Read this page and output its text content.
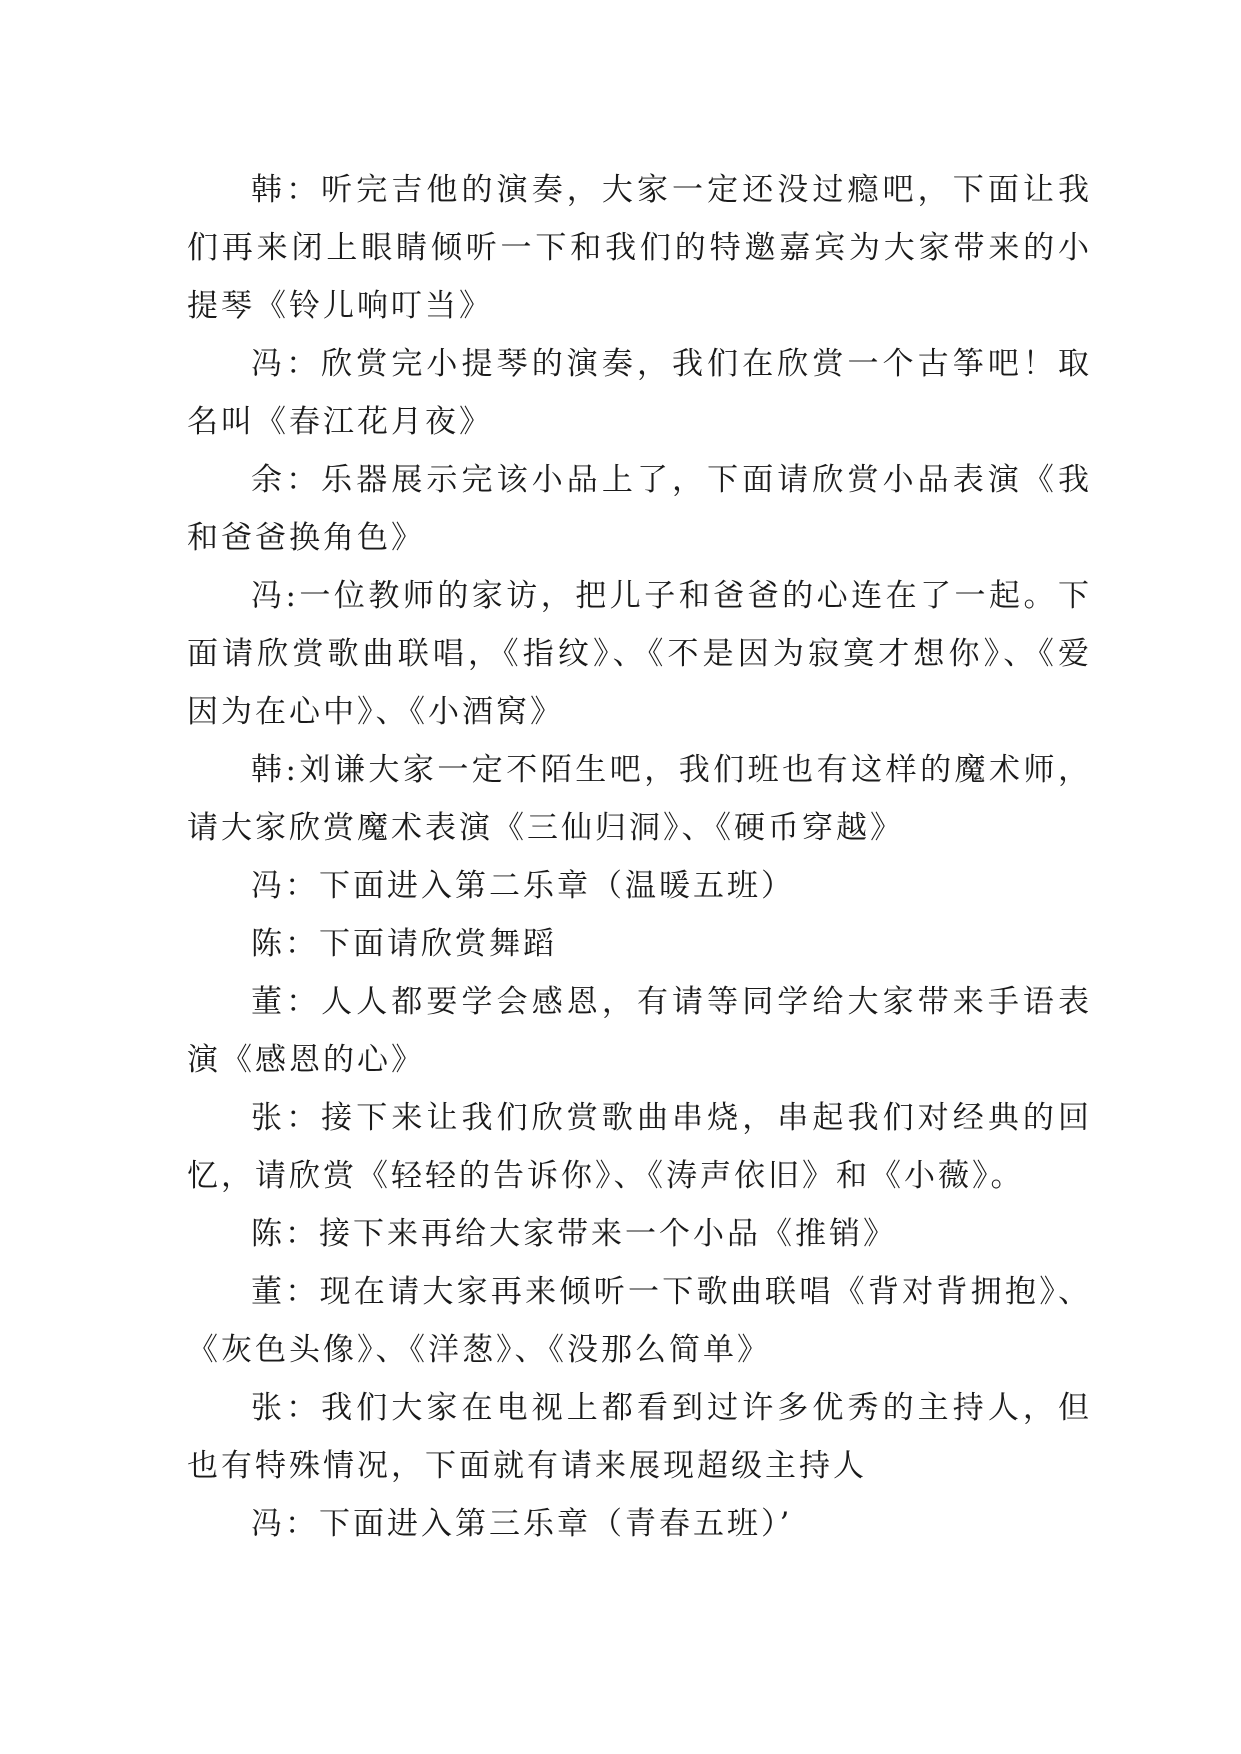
韩：听完吉他的演奏，大家一定还没过瘾吧，下面让我们再来闭上眼睛倾听一下和我们的特邀嘉宾为大家带来的小提琴《铃儿响叮当》

冯：欣赏完小提琴的演奏，我们在欣赏一个古筝吧！取名叫《春江花月夜》

余：乐器展示完该小品上了，下面请欣赏小品表演《我和爸爸换角色》

冯:一位教师的家访，把儿子和爸爸的心连在了一起。下面请欣赏歌曲联唱，《指纹》、《不是因为寂寞才想你》、《爱因为在心中》、《小酒窝》

韩:刘谦大家一定不陌生吧，我们班也有这样的魔术师，请大家欣赏魔术表演《三仙归洞》、《硬币穿越》

冯：下面进入第二乐章（温暖五班）

陈：下面请欣赏舞蹈

董：人人都要学会感恩，有请等同学给大家带来手语表演《感恩的心》

张：接下来让我们欣赏歌曲串烧，串起我们对经典的回忆，请欣赏《轻轻的告诉你》、《涛声依旧》和《小薇》。

陈：接下来再给大家带来一个小品《推销》

董：现在请大家再来倾听一下歌曲联唱《背对背拥抱》、《灰色头像》、《洋葱》、《没那么简单》

张：我们大家在电视上都看到过许多优秀的主持人，但也有特殊情况，下面就有请来展现超级主持人

冯：下面进入第三乐章（青春五班）’
